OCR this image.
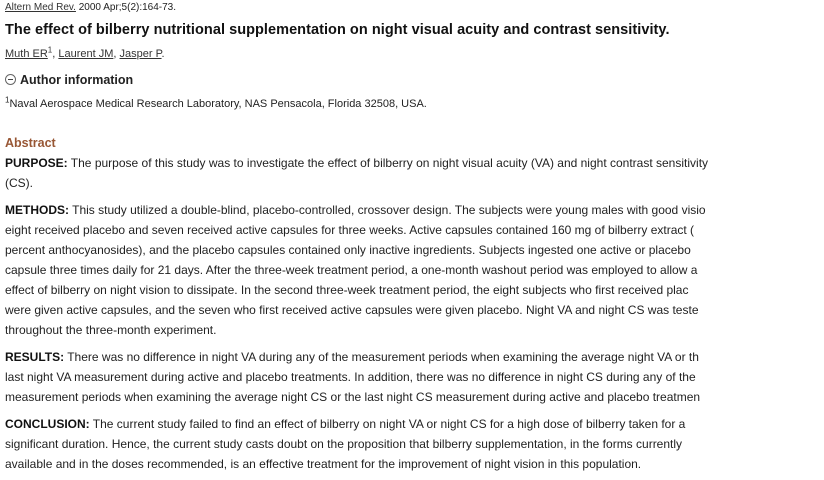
Altern Med Rev. 2000 Apr;5(2):164-73.
The effect of bilberry nutritional supplementation on night visual acuity and contrast sensitivity.
Muth $ER^1$, Laurent JM, Jasper P.
Author information
$^1$Naval Aerospace Medical Research Laboratory, NAS Pensacola, Florida 32508, USA.
Abstract
PURPOSE: The purpose of this study was to investigate the effect of bilberry on night visual acuity (VA) and night contrast sensitivity
(CS).
METHODS: This study utilized a double-blind, placebo-controlled, crossover design. The subjects were young males with good visio
eight received placebo and seven received active capsules for three weeks. Active capsules contained 160 mg of bilberry extract (
percent anthocyanosides), and the placebo capsules contained only inactive ingredients. Subjects ingested one active or placebo
capsule three times daily for 21 days. After the three-week treatment period, a one-month washout period was employed to allow a
effect of bilberry on night vision to dissipate. In the second three-week treatment period, the eight subjects who first received plac
were given active capsules, and the seven who first received active capsules were given placebo. Night VA and night CS was teste
throughout the three-month experiment.
RESULTS: There was no difference in night VA during any of the measurement periods when examining the average night VA or th
last night VA measurement during active and placebo treatments. In addition, there was no difference in night CS during any of the
measurement periods when examining the average night CS or the last night CS measurement during active and placebo treatmen
CONCLUSION: The current study failed to find an effect of bilberry on night VA or night CS for a high dose of bilberry taken for a
significant duration. Hence, the current study casts doubt on the proposition that bilberry supplementation, in the forms currently
available and in the doses recommended, is an effective treatment for the improvement of night vision in this population.
